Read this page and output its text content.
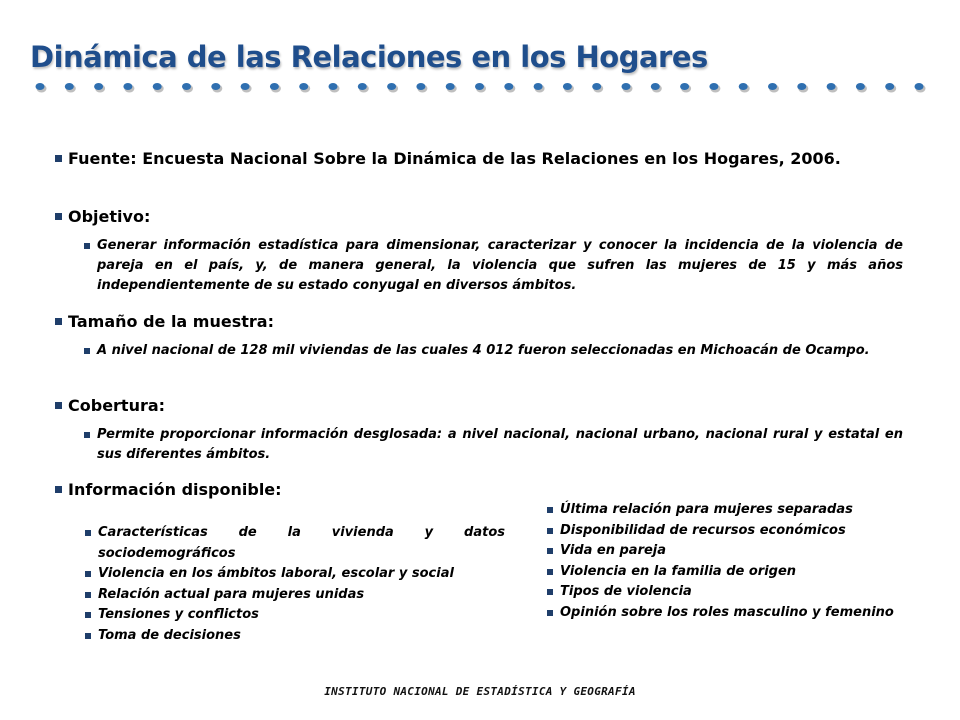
Dinámica de las Relaciones en los Hogares
Fuente: Encuesta Nacional Sobre la Dinámica de las Relaciones en los Hogares, 2006.
Objetivo:
Generar información estadística para dimensionar, caracterizar y conocer la incidencia de la violencia de pareja en el país, y, de manera general, la violencia que sufren las mujeres de 15 y más años independientemente de su estado conyugal en diversos ámbitos.
Tamaño de la muestra:
A nivel nacional de 128 mil viviendas de las cuales 4 012 fueron seleccionadas en Michoacán de Ocampo.
Cobertura:
Permite proporcionar información desglosada: a nivel nacional, nacional urbano, nacional rural y estatal en sus diferentes ámbitos.
Información disponible:
Características de la vivienda y datos sociodemográficos
Violencia en los ámbitos laboral, escolar y social
Relación actual para mujeres unidas
Tensiones y conflictos
Toma de decisiones
Última relación para mujeres separadas
Disponibilidad de recursos económicos
Vida en pareja
Violencia en la familia de origen
Tipos de violencia
Opinión sobre los roles masculino y femenino
INSTITUTO NACIONAL DE ESTADÍSTICA Y GEOGRAFÍA
